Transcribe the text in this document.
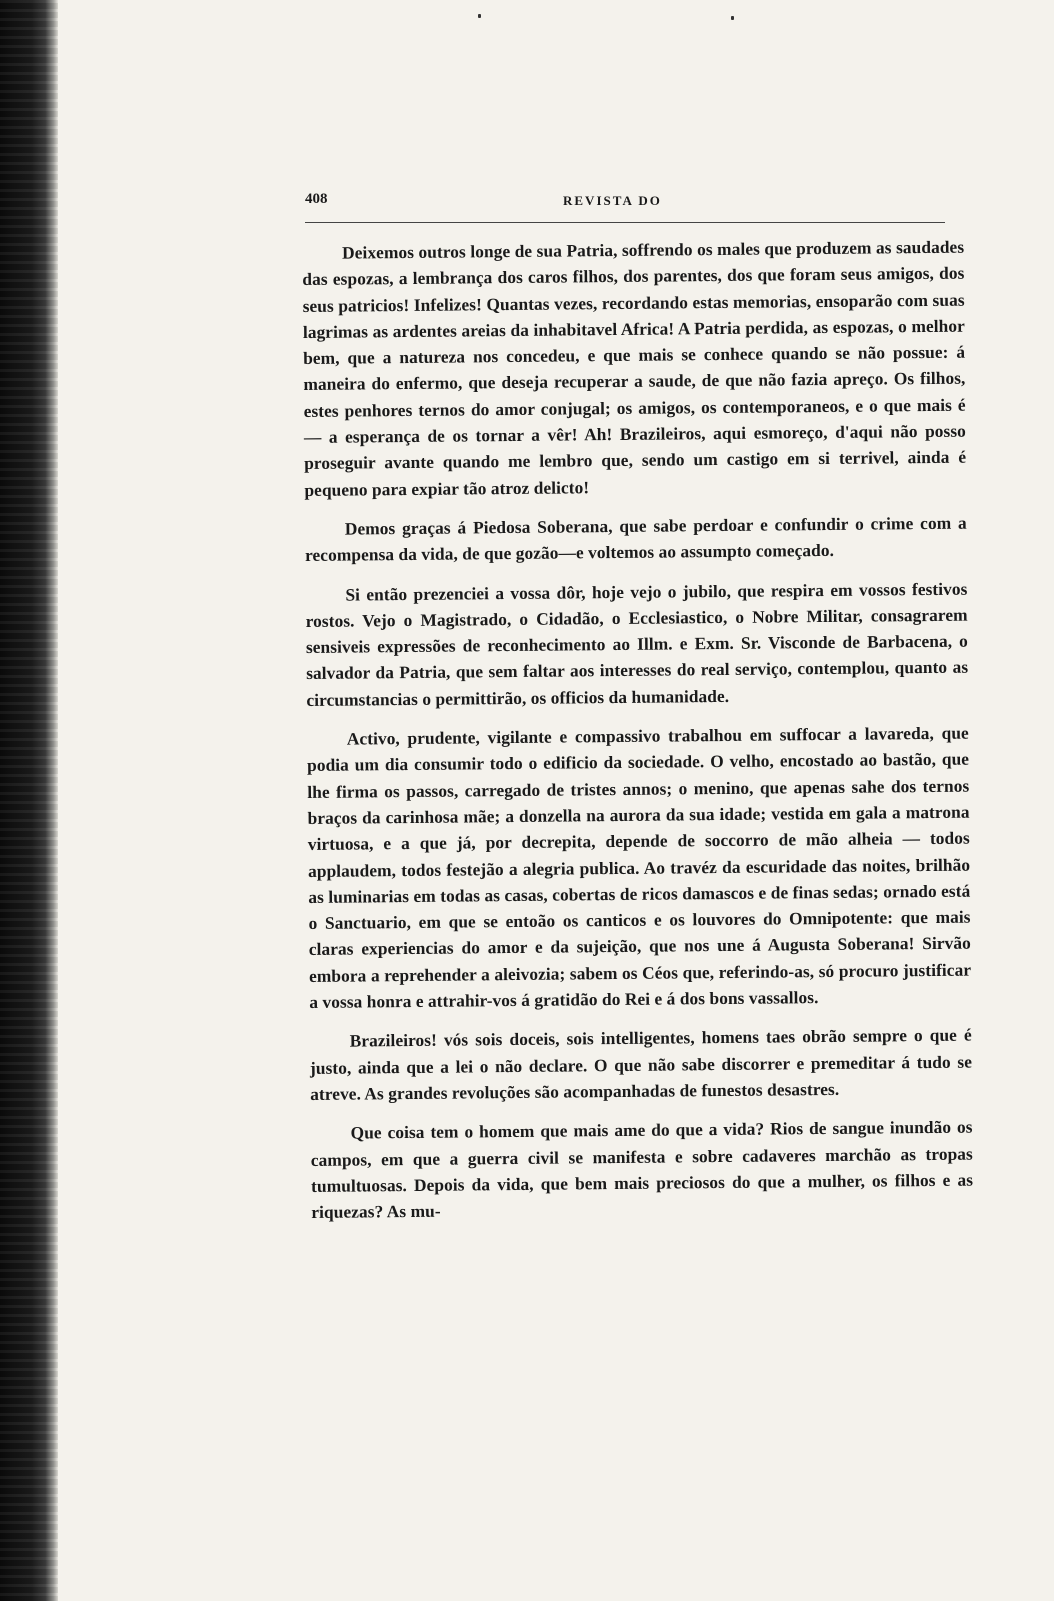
408	REVISTA DO

Deixemos outros longe de sua Patria, soffrendo os males que produzem as saudades das espozas, a lembrança dos caros filhos, dos parentes, dos que foram seus amigos, dos seus patricios! Infelizes! Quantas vezes, recordando estas memorias, ensoparão com suas lagrimas as ardentes areias da inhabitavel Africa! A Patria perdida, as espozas, o melhor bem, que a natureza nos concedeu, e que mais se conhece quando se não possue: á maneira do enfermo, que deseja recuperar a saude, de que não fazia apreço. Os filhos, estes penhores ternos do amor conjugal; os amigos, os contemporaneos, e o que mais é — a esperança de os tornar a vêr! Ah! Brazileiros, aqui esmoreço, d'aqui não posso proseguir avante quando me lembro que, sendo um castigo em si terrivel, ainda é pequeno para expiar tão atroz delicto!

Demos graças á Piedosa Soberana, que sabe perdoar e confundir o crime com a recompensa da vida, de que gozão—e voltemos ao assumpto começado.

Si então prezenciei a vossa dôr, hoje vejo o jubilo, que respira em vossos festivos rostos. Vejo o Magistrado, o Cidadão, o Ecclesiastico, o Nobre Militar, consagrarem sensiveis expressões de reconhecimento ao Illm. e Exm. Sr. Visconde de Barbacena, o salvador da Patria, que sem faltar aos interesses do real serviço, contemplou, quanto as circumstancias o permittirão, os officios da humanidade.

Activo, prudente, vigilante e compassivo trabalhou em suffocar a lavareda, que podia um dia consumir todo o edificio da sociedade. O velho, encostado ao bastão, que lhe firma os passos, carregado de tristes annos; o menino, que apenas sahe dos ternos braços da carinhosa mãe; a donzella na aurora da sua idade; vestida em gala a matrona virtuosa, e a que já, por decrepita, depende de soccorro de mão alheia — todos applaudem, todos festejão a alegria publica. Ao travéz da escuridade das noites, brilhão as luminarias em todas as casas, cobertas de ricos damascos e de finas sedas; ornado está o Sanctuario, em que se entoão os canticos e os louvores do Omnipotente: que mais claras experiencias do amor e da sujeição, que nos une á Augusta Soberana! Sirvão embora a reprehender a aleivozia; sabem os Céos que, referindo-as, só procuro justificar a vossa honra e attrahir-vos á gratidão do Rei e á dos bons vassallos.

Brazileiros! vós sois doceis, sois intelligentes, homens taes obrão sempre o que é justo, ainda que a lei o não declare. O que não sabe discorrer e premeditar á tudo se atreve. As grandes revoluções são acompanhadas de funestos desastres.

Que coisa tem o homem que mais ame do que a vida? Rios de sangue inundão os campos, em que a guerra civil se manifesta e sobre cadaveres marchão as tropas tumultuosas. Depois da vida, que bem mais preciosos do que a mulher, os filhos e as riquezas? As mu-
